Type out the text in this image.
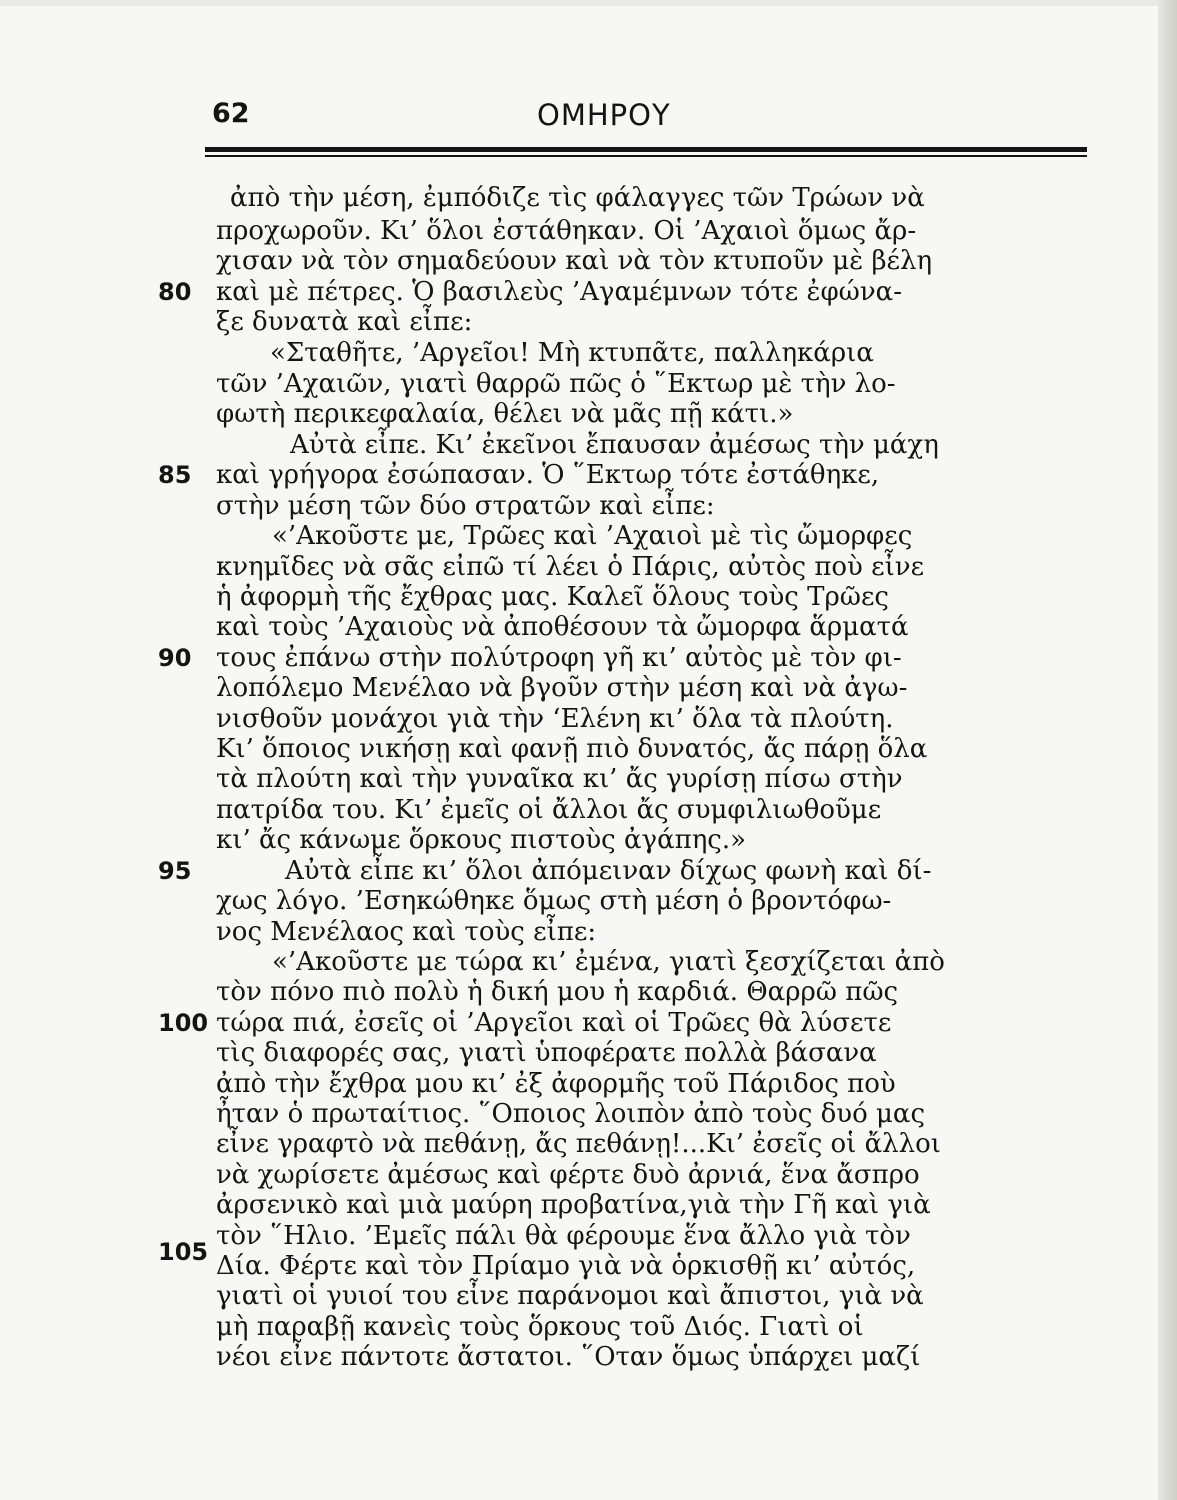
62	ΟΜΗΡΟΥ
ἀπὸ τὴν μέση, ἐμπόδιζε τὶς φάλαγγες τῶν Τρώων νὰ
προχωροῦν. Κι’ ὅλοι ἐστάθηκαν. Οἱ ’Αχαιοὶ ὅμως ἄρ-
χισαν νὰ τὸν σημαδεύουν καὶ νὰ τὸν κτυποῦν μὲ βέλη
καὶ μὲ πέτρες. Ὁ βασιλεὺς ’Αγαμέμνων τότε ἐφώνα-
ξε δυνατὰ καὶ εἶπε:
«Σταθῆτε, ’Αργεῖοι! Μὴ κτυπᾶτε, παλληκάρια
τῶν ’Αχαιῶν, γιατὶ θαρρῶ πῶς ὁ ῞Εκτωρ μὲ τὴν λο-
φωτὴ περικεφαλαία, θέλει νὰ μᾶς πῇ κάτι.»
Αὐτὰ εἶπε. Κι’ ἐκεῖνοι ἔπαυσαν ἀμέσως τὴν μάχη
καὶ γρήγορα ἐσώπασαν. Ὁ ῞Εκτωρ τότε ἐστάθηκε,
στὴν μέση τῶν δύο στρατῶν καὶ εἶπε:
«’Ακοῦστε με, Τρῶες καὶ ’Αχαιοὶ μὲ τὶς ὤμορφες
κνημῖδες νὰ σᾶς εἰπῶ τί λέει ὁ Πάρις, αὐτὸς ποὺ εἶνε
ἡ ἀφορμὴ τῆς ἔχθρας μας. Καλεῖ ὅλους τοὺς Τρῶες
καὶ τοὺς ’Αχαιοὺς νὰ ἀποθέσουν τὰ ὤμορφα ἅρματά
τους ἐπάνω στὴν πολύτροφη γῆ κι’ αὐτὸς μὲ τὸν φι-
λοπόλεμο Μενέλαο νὰ βγοῦν στὴν μέση καὶ νὰ ἀγω-
νισθοῦν μονάχοι γιὰ τὴν ‘Ελένη κι’ ὅλα τὰ πλούτη.
Κι’ ὅποιος νικήσῃ καὶ φανῇ πιὸ δυνατός, ἄς πάρῃ ὅλα
τὰ πλούτη καὶ τὴν γυναῖκα κι’ ἄς γυρίσῃ πίσω στὴν
πατρίδα του. Κι’ ἐμεῖς οἱ ἄλλοι ἄς συμφιλιωθοῦμε
κι’ ἄς κάνωμε ὅρκους πιστοὺς ἀγάπης.»
Αὐτὰ εἶπε κι’ ὅλοι ἀπόμειναν δίχως φωνὴ καὶ δί-
χως λόγο. ’Εσηκώθηκε ὅμως στὴ μέση ὁ βροντόφω-
νος Μενέλαος καὶ τοὺς εἶπε:
«’Ακοῦστε με τώρα κι’ ἐμένα, γιατὶ ξεσχίζεται ἀπὸ
τὸν πόνο πιὸ πολὺ ἡ δική μου ἡ καρδιά. Θαρρῶ πῶς
τώρα πιά, ἐσεῖς οἱ ’Αργεῖοι καὶ οἱ Τρῶες θὰ λύσετε
τὶς διαφορές σας, γιατὶ ὑποφέρατε πολλὰ βάσανα
ἀπὸ τὴν ἔχθρα μου κι’ ἐξ ἀφορμῆς τοῦ Πάριδος ποὺ
ἦταν ὁ πρωταίτιος. ῞Οποιος λοιπὸν ἀπὸ τοὺς δυό μας
εἶνε γραφτὸ νὰ πεθάνῃ, ἄς πεθάνῃ!...Κι’ ἐσεῖς οἱ ἄλλοι
νὰ χωρίσετε ἀμέσως καὶ φέρτε δυὸ ἀρνιά, ἕνα ἄσπρο
ἀρσενικὸ καὶ μιὰ μαύρη προβατίνα,γιὰ τὴν Γῆ καὶ γιὰ
τὸν ῞Ηλιο. ’Εμεῖς πάλι θὰ φέρουμε ἕνα ἄλλο γιὰ τὸν
Δία. Φέρτε καὶ τὸν Πρίαμο γιὰ νὰ ὁρκισθῇ κι’ αὐτός,
γιατὶ οἱ γυιοί του εἶνε παράνομοι καὶ ἄπιστοι, γιὰ νὰ
μὴ παραβῇ κανεὶς τοὺς ὅρκους τοῦ Διός. Γιατὶ οἱ
νέοι εἶνε πάντοτε ἄστατοι. ῞Οταν ὅμως ὑπάρχει μαζί
80
85
90
95
100
105
